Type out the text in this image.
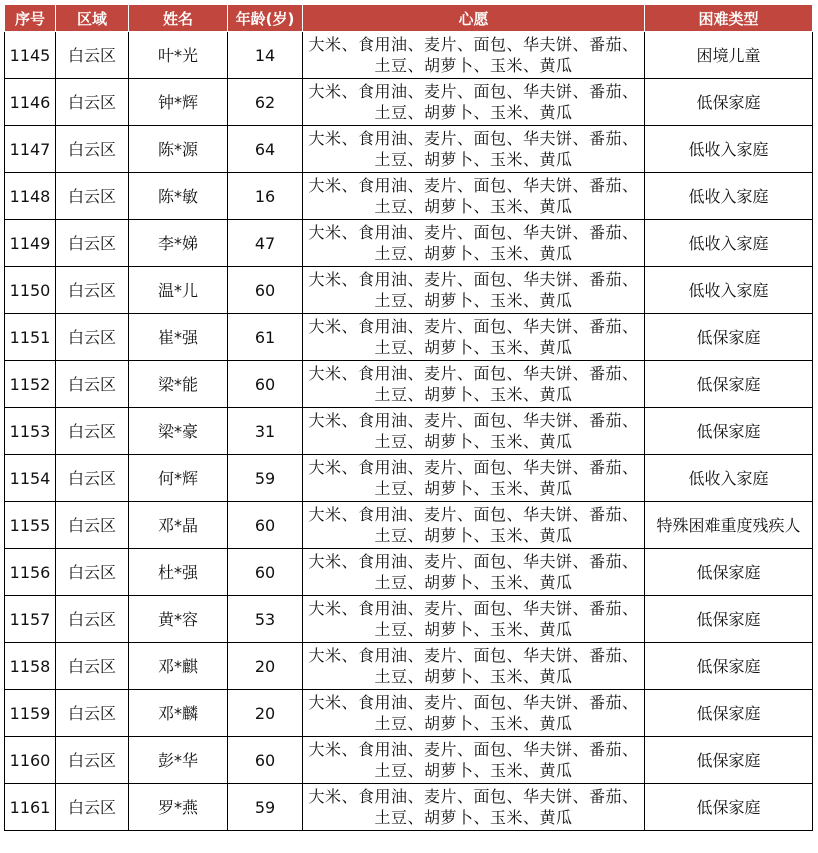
序号	区域	姓名	年龄(岁)	心愿	困难类型
1145	白云区	叶*光	14	大米、食用油、麦片、面包、华夫饼、番茄、
土豆、胡萝卜、玉米、黄瓜	困境儿童
1146	白云区	钟*辉	62	大米、食用油、麦片、面包、华夫饼、番茄、
土豆、胡萝卜、玉米、黄瓜	低保家庭
1147	白云区	陈*源	64	大米、食用油、麦片、面包、华夫饼、番茄、
土豆、胡萝卜、玉米、黄瓜	低收入家庭
1148	白云区	陈*敏	16	大米、食用油、麦片、面包、华夫饼、番茄、
土豆、胡萝卜、玉米、黄瓜	低收入家庭
1149	白云区	李*娣	47	大米、食用油、麦片、面包、华夫饼、番茄、
土豆、胡萝卜、玉米、黄瓜	低收入家庭
1150	白云区	温*儿	60	大米、食用油、麦片、面包、华夫饼、番茄、
土豆、胡萝卜、玉米、黄瓜	低收入家庭
1151	白云区	崔*强	61	大米、食用油、麦片、面包、华夫饼、番茄、
土豆、胡萝卜、玉米、黄瓜	低保家庭
1152	白云区	梁*能	60	大米、食用油、麦片、面包、华夫饼、番茄、
土豆、胡萝卜、玉米、黄瓜	低保家庭
1153	白云区	梁*豪	31	大米、食用油、麦片、面包、华夫饼、番茄、
土豆、胡萝卜、玉米、黄瓜	低保家庭
1154	白云区	何*辉	59	大米、食用油、麦片、面包、华夫饼、番茄、
土豆、胡萝卜、玉米、黄瓜	低收入家庭
1155	白云区	邓*晶	60	大米、食用油、麦片、面包、华夫饼、番茄、
土豆、胡萝卜、玉米、黄瓜	特殊困难重度残疾人
1156	白云区	杜*强	60	大米、食用油、麦片、面包、华夫饼、番茄、
土豆、胡萝卜、玉米、黄瓜	低保家庭
1157	白云区	黄*容	53	大米、食用油、麦片、面包、华夫饼、番茄、
土豆、胡萝卜、玉米、黄瓜	低保家庭
1158	白云区	邓*麒	20	大米、食用油、麦片、面包、华夫饼、番茄、
土豆、胡萝卜、玉米、黄瓜	低保家庭
1159	白云区	邓*麟	20	大米、食用油、麦片、面包、华夫饼、番茄、
土豆、胡萝卜、玉米、黄瓜	低保家庭
1160	白云区	彭*华	60	大米、食用油、麦片、面包、华夫饼、番茄、
土豆、胡萝卜、玉米、黄瓜	低保家庭
1161	白云区	罗*燕	59	大米、食用油、麦片、面包、华夫饼、番茄、
土豆、胡萝卜、玉米、黄瓜	低保家庭
